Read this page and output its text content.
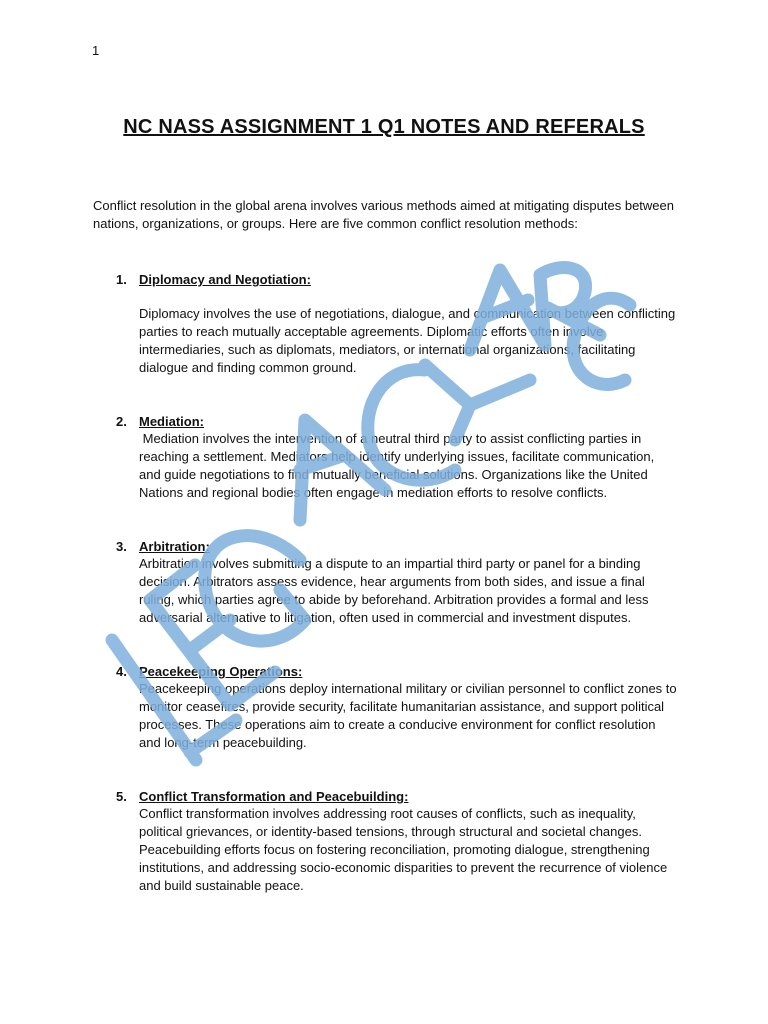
1
NC NASS ASSIGNMENT 1 Q1 NOTES AND REFERALS
Conflict resolution in the global arena involves various methods aimed at mitigating disputes between nations, organizations, or groups. Here are five common conflict resolution methods:
1. Diplomacy and Negotiation:
Diplomacy involves the use of negotiations, dialogue, and communication between conflicting parties to reach mutually acceptable agreements. Diplomatic efforts often involve intermediaries, such as diplomats, mediators, or international organizations, facilitating dialogue and finding common ground.
2. Mediation:
Mediation involves the intervention of a neutral third party to assist conflicting parties in reaching a settlement. Mediators help identify underlying issues, facilitate communication, and guide negotiations to find mutually beneficial solutions. Organizations like the United Nations and regional bodies often engage in mediation efforts to resolve conflicts.
3. Arbitration:
Arbitration involves submitting a dispute to an impartial third party or panel for a binding decision. Arbitrators assess evidence, hear arguments from both sides, and issue a final ruling, which parties agree to abide by beforehand. Arbitration provides a formal and less adversarial alternative to litigation, often used in commercial and investment disputes.
4. Peacekeeping Operations:
Peacekeeping operations deploy international military or civilian personnel to conflict zones to monitor ceasefires, provide security, facilitate humanitarian assistance, and support political processes. These operations aim to create a conducive environment for conflict resolution and long-term peacebuilding.
5. Conflict Transformation and Peacebuilding:
Conflict transformation involves addressing root causes of conflicts, such as inequality, political grievances, or identity-based tensions, through structural and societal changes. Peacebuilding efforts focus on fostering reconciliation, promoting dialogue, strengthening institutions, and addressing socio-economic disparities to prevent the recurrence of violence and build sustainable peace.
